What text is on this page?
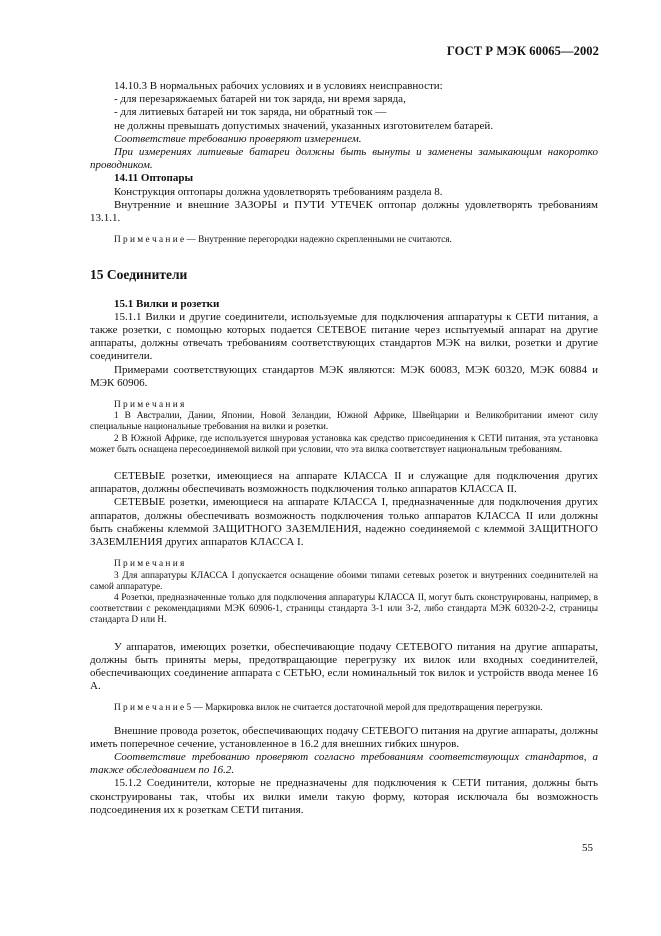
ГОСТ Р МЭК 60065—2002

14.10.3 В нормальных рабочих условиях и в условиях неисправности:

- для перезаряжаемых батарей ни ток заряда, ни время заряда,

- для литиевых батарей ни ток заряда, ни обратный ток —

не должны превышать допустимых значений, указанных изготовителем батарей.

Соответствие требованию проверяют измерением.

При измерениях литиевые батареи должны быть вынуты и заменены замыкающим накоротко проводником.

14.11 Оптопары

Конструкция оптопары должна удовлетворять требованиям раздела 8.

Внутренние и внешние ЗАЗОРЫ и ПУТИ УТЕЧЕК оптопар должны удовлетворять требованиям 13.1.1.

П р и м е ч а н и е — Внутренние перегородки надежно скрепленными не считаются.

15 Соединители

15.1 Вилки и розетки

15.1.1 Вилки и другие соединители, используемые для подключения аппаратуры к СЕТИ питания, а также розетки, с помощью которых подается СЕТЕВОЕ питание через испытуемый аппарат на другие аппараты, должны отвечать требованиям соответствующих стандартов МЭК на вилки, розетки и другие соединители.

Примерами соответствующих стандартов МЭК являются: МЭК 60083, МЭК 60320, МЭК 60884 и МЭК 60906.

П р и м е ч а н и я

1 В Австралии, Дании, Японии, Новой Зеландии, Южной Африке, Швейцарии и Великобритании имеют силу специальные национальные требования на вилки и розетки.

2 В Южной Африке, где используется шнуровая установка как средство присоединения к СЕТИ питания, эта установка может быть оснащена пересоединяемой вилкой при условии, что эта вилка соответствует национальным требованиям.

СЕТЕВЫЕ розетки, имеющиеся на аппарате КЛАССА II и служащие для подключения других аппаратов, должны обеспечивать возможность подключения только аппаратов КЛАССА II.

СЕТЕВЫЕ розетки, имеющиеся на аппарате КЛАССА I, предназначенные для подключения других аппаратов, должны обеспечивать возможность подключения только аппаратов КЛАССА II или должны быть снабжены клеммой ЗАЩИТНОГО ЗАЗЕМЛЕНИЯ, надежно соединяемой с клеммой ЗАЩИТНОГО ЗАЗЕМЛЕНИЯ других аппаратов КЛАССА I.

П р и м е ч а н и я

3 Для аппаратуры КЛАССА I допускается оснащение обоими типами сетевых розеток и внутренних соединителей на самой аппаратуре.

4 Розетки, предназначенные только для подключения аппаратуры КЛАССА II, могут быть сконструированы, например, в соответствии с рекомендациями МЭК 60906-1, страницы стандарта 3-1 или 3-2, либо стандарта МЭК 60320-2-2, страницы стандарта D или H.

У аппаратов, имеющих розетки, обеспечивающие подачу СЕТЕВОГО питания на другие аппараты, должны быть приняты меры, предотвращающие перегрузку их вилок или входных соединителей, обеспечивающих соединение аппарата с СЕТЬЮ, если номинальный ток вилок и устройств ввода менее 16 А.

П р и м е ч а н и е 5 — Маркировка вилок не считается достаточной мерой для предотвращения перегрузки.

Внешние провода розеток, обеспечивающих подачу СЕТЕВОГО питания на другие аппараты, должны иметь поперечное сечение, установленное в 16.2 для внешних гибких шнуров.

Соответствие требованию проверяют согласно требованиям соответствующих стандартов, а также обследованием по 16.2.

15.1.2 Соединители, которые не предназначены для подключения к СЕТИ питания, должны быть сконструированы так, чтобы их вилки имели такую форму, которая исключала бы возможность подсоединения их к розеткам СЕТИ питания.

55
